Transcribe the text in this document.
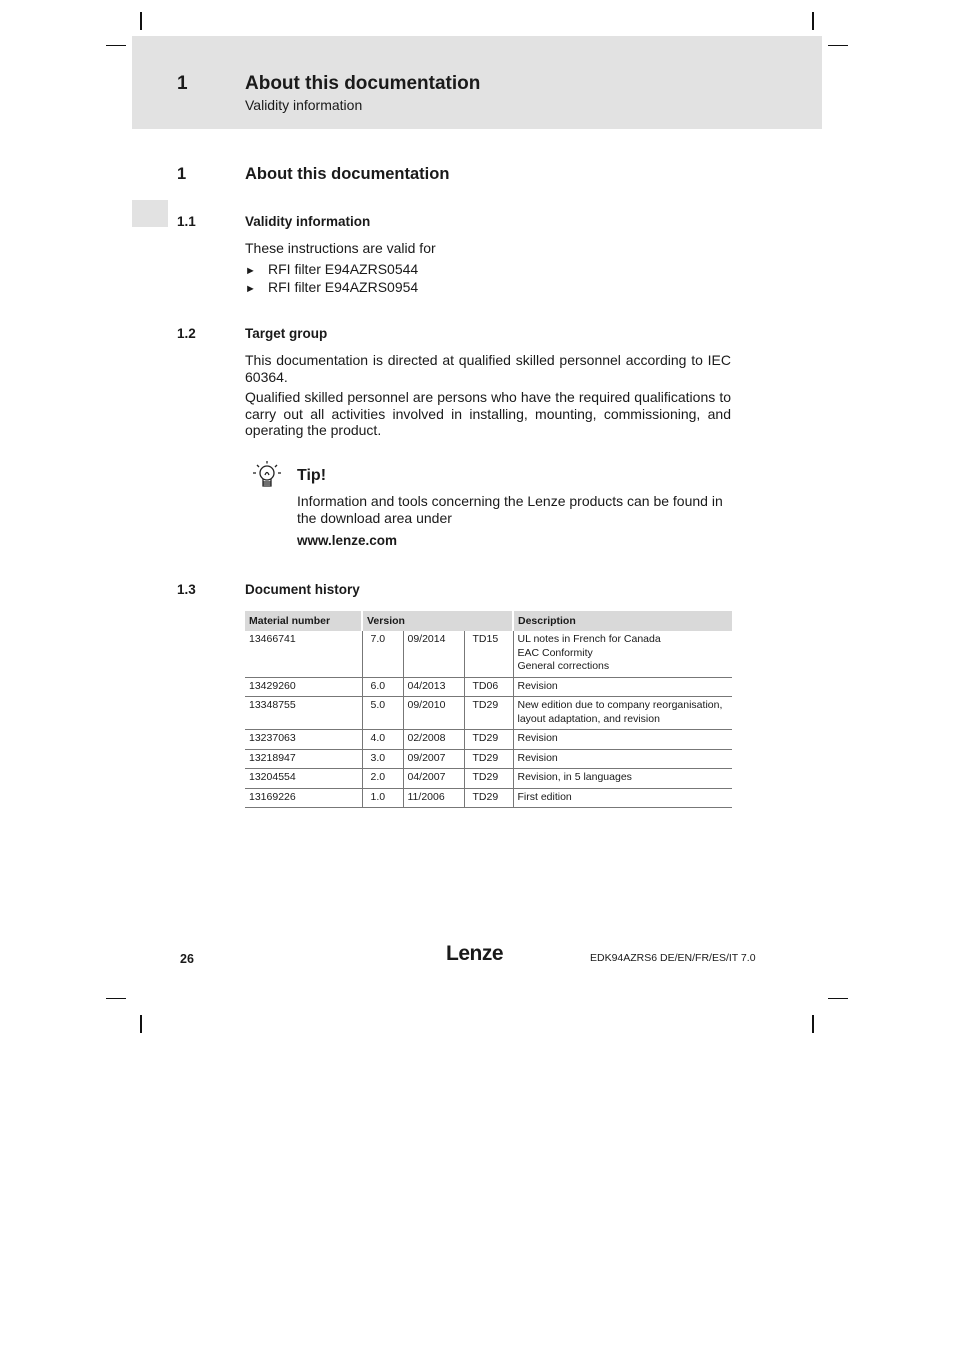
1	About this documentation
Validity information
1	About this documentation
1.1	Validity information
These instructions are valid for
► RFI filter E94AZRS0544
► RFI filter E94AZRS0954
1.2	Target group
This documentation is directed at qualified skilled personnel according to IEC 60364.
Qualified skilled personnel are persons who have the required qualifications to carry out all activities involved in installing, mounting, commissioning, and operating the product.
Tip!
Information and tools concerning the Lenze products can be found in the download area under
www.lenze.com
1.3	Document history
Material number	Version			Description
13466741	7.0	09/2014	TD15	UL notes in French for Canada
EAC Conformity
General corrections

13429260	6.0	04/2013	TD06	Revision

13348755	5.0	09/2010	TD29	New edition due to company reorganisation, layout adaptation, and revision

13237063	4.0	02/2008	TD29	Revision

13218947	3.0	09/2007	TD29	Revision

13204554	2.0	04/2007	TD29	Revision, in 5 languages

13169226	1.0	11/2006	TD29	First edition
26	Lenze	EDK94AZRS6 DE/EN/FR/ES/IT 7.0
